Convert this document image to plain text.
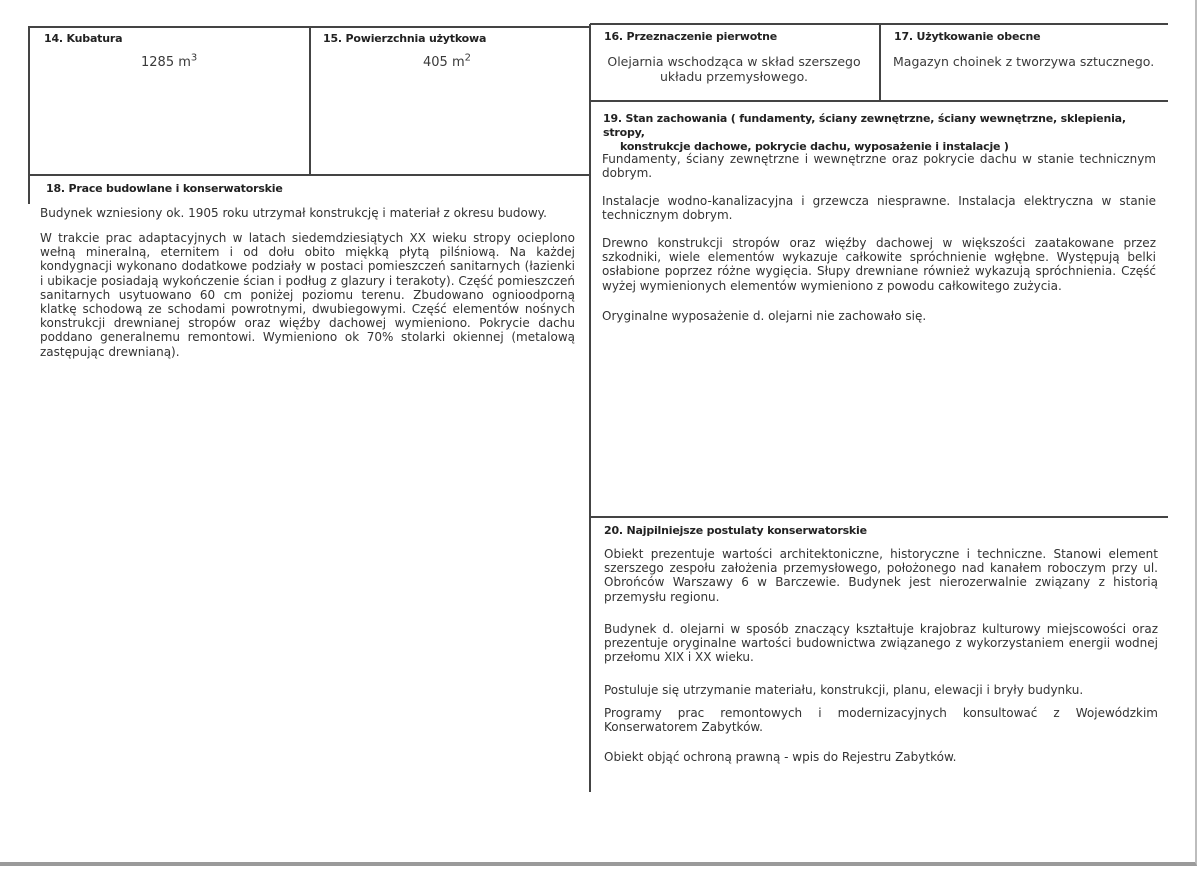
14. Kubatura
1285 $m^3$
15. Powierzchnia użytkowa
405 $m^2$
16. Przeznaczenie pierwotne
Olejarnia wschodząca w skład szerszego
układu przemysłowego.
17. Użytkowanie obecne
Magazyn choinek z tworzywa sztucznego.
19. Stan zachowania ( fundamenty, ściany zewnętrzne, ściany wewnętrzne, sklepienia, stropy,
konstrukcje dachowe, pokrycie dachu, wyposażenie i instalacje )
Fundamenty, ściany zewnętrzne i wewnętrzne oraz pokrycie dachu w stanie technicznym dobrym.
Instalacje wodno-kanalizacyjna i grzewcza niesprawne. Instalacja elektryczna w stanie technicznym dobrym.
Drewno konstrukcji stropów oraz więźby dachowej w większości zaatakowane przez szkodniki, wiele elementów wykazuje całkowite spróchnienie wgłębne. Występują belki osłabione poprzez różne wygięcia. Słupy drewniane również wykazują spróchnienia. Część wyżej wymienionych elementów wymieniono z powodu całkowitego zużycia.
Oryginalne wyposażenie d. olejarni nie zachowało się.
18. Prace budowlane i konserwatorskie
Budynek wzniesiony ok. 1905 roku utrzymał konstrukcję i materiał z okresu budowy.
W trakcie prac adaptacyjnych w latach siedemdziesiątych XX wieku stropy ocieplono wełną mineralną, eternitem i od dołu obito miękką płytą pilśniową. Na każdej kondygnacji wykonano dodatkowe podziały w postaci pomieszczeń sanitarnych (łazienki i ubikacje posiadają wykończenie ścian i podług z glazury i terakoty). Część pomieszczeń sanitarnych usytuowano 60 cm poniżej poziomu terenu. Zbudowano ognioodporną klatkę schodową ze schodami powrotnymi, dwubiegowymi. Część elementów nośnych konstrukcji drewnianej stropów oraz więźby dachowej wymieniono. Pokrycie dachu poddano generalnemu remontowi. Wymieniono ok 70% stolarki okiennej (metalową zastępując drewnianą).
20. Najpilniejsze postulaty konserwatorskie
Obiekt prezentuje wartości architektoniczne, historyczne i techniczne. Stanowi element szerszego zespołu założenia przemysłowego, położonego nad kanałem roboczym przy ul. Obrońców Warszawy 6 w Barczewie. Budynek jest nierozerwalnie związany z historią przemysłu regionu.
Budynek d. olejarni w sposób znaczący kształtuje krajobraz kulturowy miejscowości oraz prezentuje oryginalne wartości budownictwa związanego z wykorzystaniem energii wodnej przełomu XIX i XX wieku.
Postuluje się utrzymanie materiału, konstrukcji, planu, elewacji i bryły budynku.
Programy prac remontowych i modernizacyjnych konsultować z Wojewódzkim Konserwatorem Zabytków.
Obiekt objąć ochroną prawną - wpis do Rejestru Zabytków.
